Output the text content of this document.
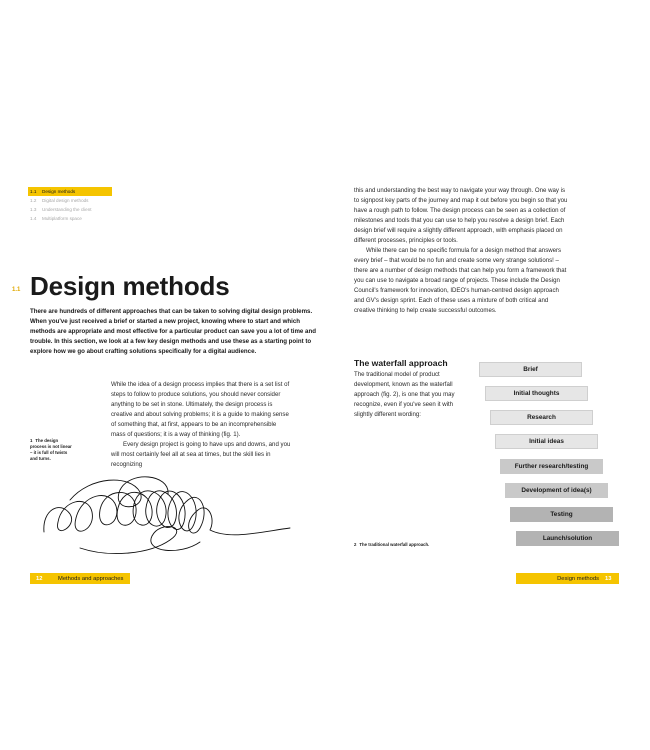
1.1	Design methods
1.2	Digital design methods
1.3	Understanding the client
1.4	Multiplatform space
1.1 Design methods

There are hundreds of different approaches that can be taken to solving digital design problems. When you've just received a brief or started a new project, knowing where to start and which methods are appropriate and most effective for a particular product can save you a lot of time and trouble. In this section, we look at a few key design methods and use these as a starting point to explore how we go about crafting solutions specifically for a digital audience.

While the idea of a design process implies that there is a set list of steps to follow to produce solutions, you should never consider anything to be set in stone. Ultimately, the design process is creative and about solving problems; it is a guide to making sense of something that, at first, appears to be an incomprehensible mass of questions; it is a way of thinking (fig. 1).

Every design project is going to have ups and downs, and you will most certainly feel all at sea at times, but the skill lies in recognizing

1 The design process is not linear – it is full of twists and turns.
12	Methods and approaches

this and understanding the best way to navigate your way through. One way is to signpost key parts of the journey and map it out before you begin so that you have a rough path to follow. The design process can be seen as a collection of milestones and tools that you can use to help you resolve a design brief. Each design brief will require a slightly different approach, with emphasis placed on different processes, principles or tools.

While there can be no specific formula for a design method that answers every brief – that would be no fun and create some very strange solutions! – there are a number of design methods that can help you form a framework that you can use to navigate a broad range of projects. These include the Design Council's framework for innovation, IDEO's human-centred design approach and GV's design sprint. Each of these uses a mixture of both critical and creative thinking to help create successful outcomes.

The waterfall approach

The traditional model of product development, known as the waterfall approach (fig. 2), is one that you may recognize, even if you've seen it with slightly different wording:

Brief
Initial thoughts
Research
Initial ideas
Further research/testing
Development of idea(s)
Testing
Launch/solution
2 The traditional waterfall approach.
Design methods	13
